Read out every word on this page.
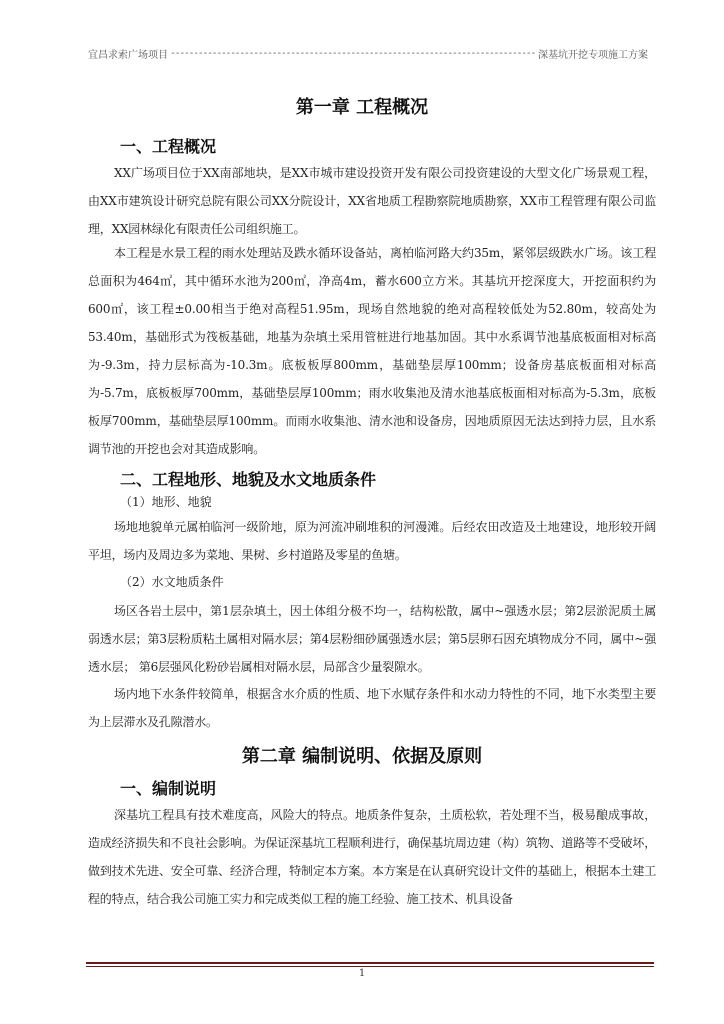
宜昌求索广场项目
-----	深基坑开挖专项施工方案
第一章 工程概况
一、工程概况
XX广场项目位于XX南部地块，是XX市城市建设投资开发有限公司投资建设的大型文化广场景观工程，由XX市建筑设计研究总院有限公司XX分院设计，XX省地质工程勘察院地质勘察，XX市工程管理有限公司监理，XX园林绿化有限责任公司组织施工。
本工程是水景工程的雨水处理站及跌水循环设备站，离柏临河路大约35m，紧邻层级跌水广场。该工程总面积为464㎡，其中循环水池为200㎡，净高4m，蓄水600立方米。其基坑开挖深度大，开挖面积约为600㎡，该工程±0.00相当于绝对高程51.95m，现场自然地貌的绝对高程较低处为52.80m，较高处为53.40m，基础形式为筏板基础，地基为杂填土采用管桩进行地基加固。其中水系调节池基底板面相对标高为-9.3m，持力层标高为-10.3m。底板板厚800mm，基础垫层厚100mm；设备房基底板面相对标高为-5.7m，底板板厚700mm，基础垫层厚100mm；雨水收集池及清水池基底板面相对标高为-5.3m，底板板厚700mm，基础垫层厚100mm。而雨水收集池、清水池和设备房，因地质原因无法达到持力层，且水系调节池的开挖也会对其造成影响。
二、工程地形、地貌及水文地质条件
（1）地形、地貌
场地地貌单元属柏临河一级阶地，原为河流冲刷堆积的河漫滩。后经农田改造及土地建设，地形较开阔平坦，场内及周边多为菜地、果树、乡村道路及零星的鱼塘。
（2）水文地质条件
场区各岩土层中，第1层杂填土，因土体组分极不均一，结构松散，属中~强透水层；第2层淤泥质土属弱透水层；第3层粉质粘土属相对隔水层；第4层粉细砂属强透水层；第5层卵石因充填物成分不同，属中~强透水层； 第6层强风化粉砂岩属相对隔水层，局部含少量裂隙水。
场内地下水条件较简单，根据含水介质的性质、地下水赋存条件和水动力特性的不同，地下水类型主要为上层滞水及孔隙潜水。
第二章 编制说明、依据及原则
一、编制说明
深基坑工程具有技术难度高，风险大的特点。地质条件复杂，土质松软，若处理不当，极易酿成事故，造成经济损失和不良社会影响。为保证深基坑工程顺利进行，确保基坑周边建（构）筑物、道路等不受破坏，做到技术先进、安全可靠、经济合理，特制定本方案。本方案是在认真研究设计文件的基础上，根据本土建工程的特点，结合我公司施工实力和完成类似工程的施工经验、施工技术、机具设备
1
